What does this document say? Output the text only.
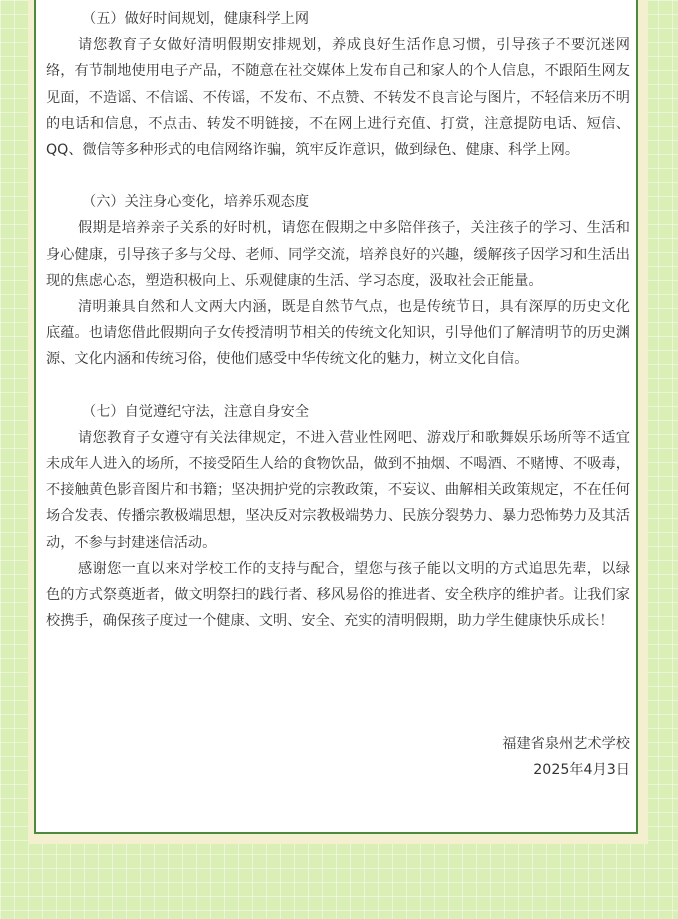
（五）做好时间规划，健康科学上网

请您教育子女做好清明假期安排规划，养成良好生活作息习惯，引导孩子不要沉迷网络，有节制地使用电子产品，不随意在社交媒体上发布自己和家人的个人信息，不跟陌生网友见面，不造谣、不信谣、不传谣，不发布、不点赞、不转发不良言论与图片，不轻信来历不明的电话和信息，不点击、转发不明链接，不在网上进行充值、打赏，注意提防电话、短信、QQ、微信等多种形式的电信网络诈骗，筑牢反诈意识，做到绿色、健康、科学上网。

（六）关注身心变化，培养乐观态度

假期是培养亲子关系的好时机，请您在假期之中多陪伴孩子，关注孩子的学习、生活和身心健康，引导孩子多与父母、老师、同学交流，培养良好的兴趣，缓解孩子因学习和生活出现的焦虑心态，塑造积极向上、乐观健康的生活、学习态度，汲取社会正能量。

清明兼具自然和人文两大内涵，既是自然节气点，也是传统节日，具有深厚的历史文化底蕴。也请您借此假期向子女传授清明节相关的传统文化知识，引导他们了解清明节的历史渊源、文化内涵和传统习俗，使他们感受中华传统文化的魅力，树立文化自信。

（七）自觉遵纪守法，注意自身安全

请您教育子女遵守有关法律规定，不进入营业性网吧、游戏厅和歌舞娱乐场所等不适宜未成年人进入的场所，不接受陌生人给的食物饮品，做到不抽烟、不喝酒、不赌博、不吸毒，不接触黄色影音图片和书籍；坚决拥护党的宗教政策，不妄议、曲解相关政策规定，不在任何场合发表、传播宗教极端思想，坚决反对宗教极端势力、民族分裂势力、暴力恐怖势力及其活动，不参与封建迷信活动。

感谢您一直以来对学校工作的支持与配合，望您与孩子能以文明的方式追思先辈，以绿色的方式祭奠逝者，做文明祭扫的践行者、移风易俗的推进者、安全秩序的维护者。让我们家校携手，确保孩子度过一个健康、文明、安全、充实的清明假期，助力学生健康快乐成长！

福建省泉州艺术学校
2025年4月3日
